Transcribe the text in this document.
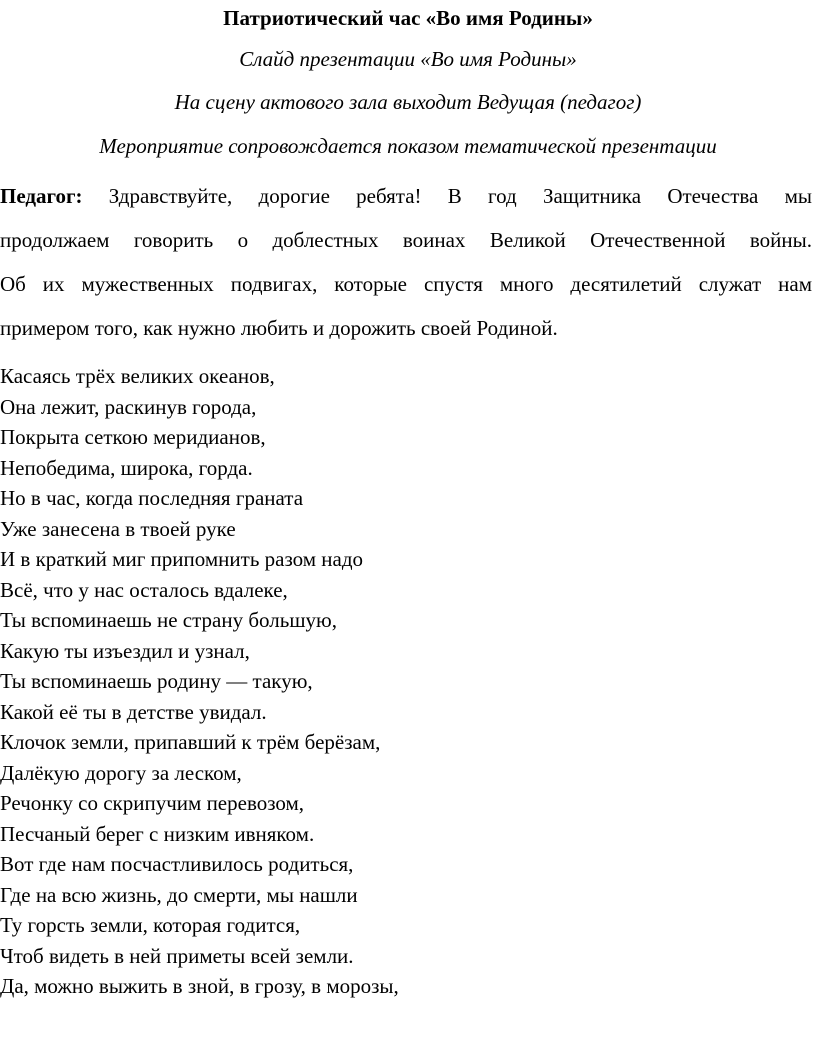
Патриотический час «Во имя Родины»
Слайд презентации «Во имя Родины»
На сцену актового зала выходит Ведущая (педагог)
Мероприятие сопровождается показом тематической презентации
Педагог: Здравствуйте, дорогие ребята! В год Защитника Отечества мы
продолжаем говорить о доблестных воинах Великой Отечественной войны.
Об их мужественных подвигах, которые спустя много десятилетий служат нам
примером того, как нужно любить и дорожить своей Родиной.
Касаясь трёх великих океанов,
Она лежит, раскинув города,
Покрыта сеткою меридианов,
Непобедима, широка, горда.
Но в час, когда последняя граната
Уже занесена в твоей руке
И в краткий миг припомнить разом надо
Всё, что у нас осталось вдалеке,
Ты вспоминаешь не страну большую,
Какую ты изъездил и узнал,
Ты вспоминаешь родину — такую,
Какой её ты в детстве увидал.
Клочок земли, припавший к трём берёзам,
Далёкую дорогу за леском,
Речонку со скрипучим перевозом,
Песчаный берег с низким ивняком.
Вот где нам посчастливилось родиться,
Где на всю жизнь, до смерти, мы нашли
Ту горсть земли, которая годится,
Чтоб видеть в ней приметы всей земли.
Да, можно выжить в зной, в грозу, в морозы,
